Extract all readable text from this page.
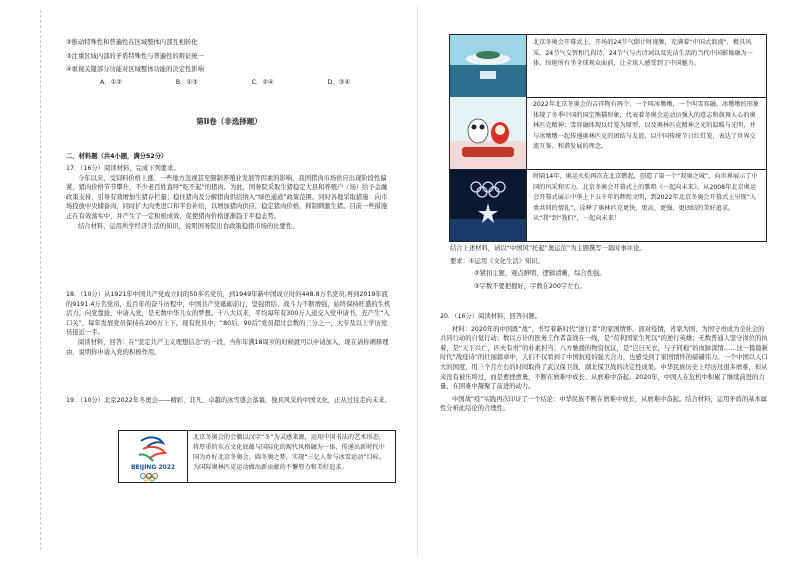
②推动特殊性和普遍性在区域整体内部互相转化

③注重区域内部的矛盾特殊性与普遍性的辩证统一

④重视关键部分功能对区域整体功能的决定性影响

A．①②	B．①③	C．②④	D．③④

第II卷（非选择题）

二、材料题（共4小题，满分52分）

17．（16分）阅读材料，完成下列要求。

今年以来，受饲料价格上涨、一些地方忽视甚至限制养殖业发展等因素的影响，我国猪肉市场供应出现阶段性偏紧，猪肉价格节节攀升，不少老百姓直呼“吃不起”的猪肉。为此，国务院采取生猪稳定大县和养殖户（场）给予金融政策支持，引导有效增加生猪存栏量；稳住猪肉及分解猪肉供给纳入“绿色通道”政策范围。同时各地采取措施：向市场投放中央储备肉，同时扩大肉类进口和平台补给，以增加猪肉供应，稳定猪肉价格，抑制刺激生猪。目前一些措施正在有效落实中，并产生了一定积极成效，促使猪肉价格逐渐趋于平稳态势。

结合材料，运用所学经济生活的知识，说明国务院出台政策稳猪市场的比要性。

18．（10分）从1921年中国共产党成立时的50多名党员，到1949年新中国成立时的448.8万名党员,再到2019年底的9191.4万名党员，近百年的奋斗历程中，中国共产党砥砺前行，坚强团结、战斗力不断增强，始终保持旺盛的生机活力。向党靠拢、申请入党，是无数中华儿女的梦想。十八大以来，平均每年有300万人递交入党申请书，充产生“入口关”，每年发展党员保持在200万上下。现有党员中，“80后、90后”党员超过总数的三分之一，大专及以上学历党员接近一半。

阅读材料，回答：在“坚定共产主义理想信念”的一段，当你年满18周岁的时候就可以申请加入，现在请你阐释理由，说明你申请入党的积极作用。

19．（10分）北京2022年冬奥会——精彩、非凡、卓越的冰雪盛会落幕，独具风采的中国文化，正从过往走向未来。

BEIJING 2022
北京冬奥会的会徽以汉字“冬”为灵感来源，运用中国书法的艺术形态，将厚重的东方文化底蕴与国际化的现代风格融为一体，传递出新时代中国为办好北京冬奥会，圆冬奥之梦，实现“三亿人参与冰雪运动”目标。为国际奥林匹克运动做出新贡献的不懈努力和美好追求。
北京冬奥会开幕式上，开场的24节气倒计时视频，充满着“中国式浪漫”，极具风采。24节气交替和几段诗，24节气与古诗词以及先洁生活的当代中国影像融为一体，惊艳所有坐全球观众面前，让全球人感受到了中国魅力。
2022年北京冬奥会的吉祥物有两个，一个叫冰墩墩，一个叫雪容融。冰墩墩的形象体现了冬季中国的国宝熊猫形象，代表着冬奥会运动员强大的意志和鼓舞人心的奥林匹克精神；雪容融体现以灯笼为原型，以及奥林匹克精神之光的温暖与光明，并与冰墩墩一起传递奥林匹克的团结与友谊，以中国传统节日红灯笼，表达了世界交流互鉴、和谐发展的理念。
时隔14年，奥运火炬再次在北京燃起，创造了第一个“双奥之城”，向世界展示了中国的风采和实力。北京冬奥会开幕式上的歌唱《一起向未来》，从2008年北京奥运会开幕式展示中华上下五千年的辉煌文明，到2022年北京冬奥会开幕式上呈现“人类共同的情礼”，诠释了奥林匹克更快、更高、更强、更团结的美好追求。从“我”到“我们”，一起向未来！

结合上述材料，请以“中国风”托起“奥运范”为主题撰写一篇时事评论。

要求：①运用《文化生活》知识。

②紧扣主题，观点鲜明，逻辑清晰，综合性强。

③字数不要把握好，字数在200字左右。

20．（16分）阅读材料，回答问题。

材料：2020年的中国既“战”，书写着新时代“逆行者”的家国情怀。面对疫情，省家为国、为国守责成为全社会的共同行动的自觉行动；数以万计的医务工作者奋战在一线，是“苟利国家生死以”的逆行英雄；无数普通人坚守岗位的执着，是“天下兴亡，匹夫有责”的朴素担当；八方驰援的物资抗议，是“岂曰无衣，与子同袍”的血脉深情……这一篇篇新时代“战疫诗”的壮丽篇章中，人们不仅看到了中国抗疫的强大合力，也感受到了家国情怀的磅礴伟力。一个中国以人口大的国度，用三个月左右的时间取得了武汉保卫战、湖北保卫战的决定性成果。中华民族历史上经历过很多磨难，但从来没有被压垮过，而是愈挫愈勇，不断在磨难中成长、从磨难中奋起。2020年，中国人在危机中积累了继续前进的力量，在困难中凝聚了前进的动力。

中国战“疫”实践再次印证了一个结论：中华民族不断在磨难中成长，从磨难中奋起。结合材料，运用矛盾的基本属性分析此结论的合理性。
